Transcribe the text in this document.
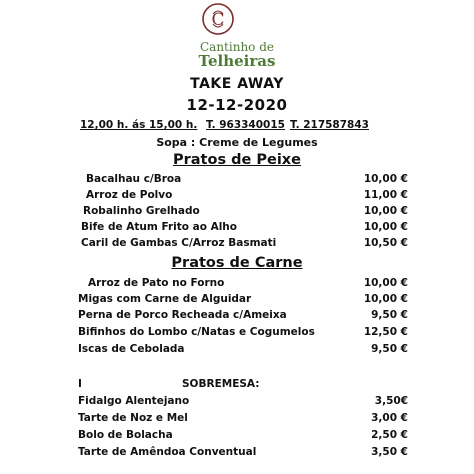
C
Cantinho de
Telheiras
TAKE AWAY
12-12-2020
12,00 h. ás 15,00 h. T. 963340015 T. 217587843
Sopa : Creme de Legumes
Pratos de Peixe
Bacalhau c/Broa	10,00 €
Arroz de Polvo	11,00 €
Robalinho Grelhado	10,00 €
Bife de Atum Frito ao Alho	10,00 €
Caril de Gambas C/Arroz Basmati	10,50 €
Pratos de Carne
Arroz de Pato no Forno	10,00 €
Migas com Carne de Alguidar	10,00 €
Perna de Porco Recheada c/Ameixa	9,50 €
Bifinhos do Lombo c/Natas e Cogumelos	12,50 €
Iscas de Cebolada	9,50 €
I	SOBREMESA:
Fidalgo Alentejano	3,50€
Tarte de Noz e Mel	3,00 €
Bolo de Bolacha	2,50 €
Tarte de Amêndoa Conventual	3,50 €
